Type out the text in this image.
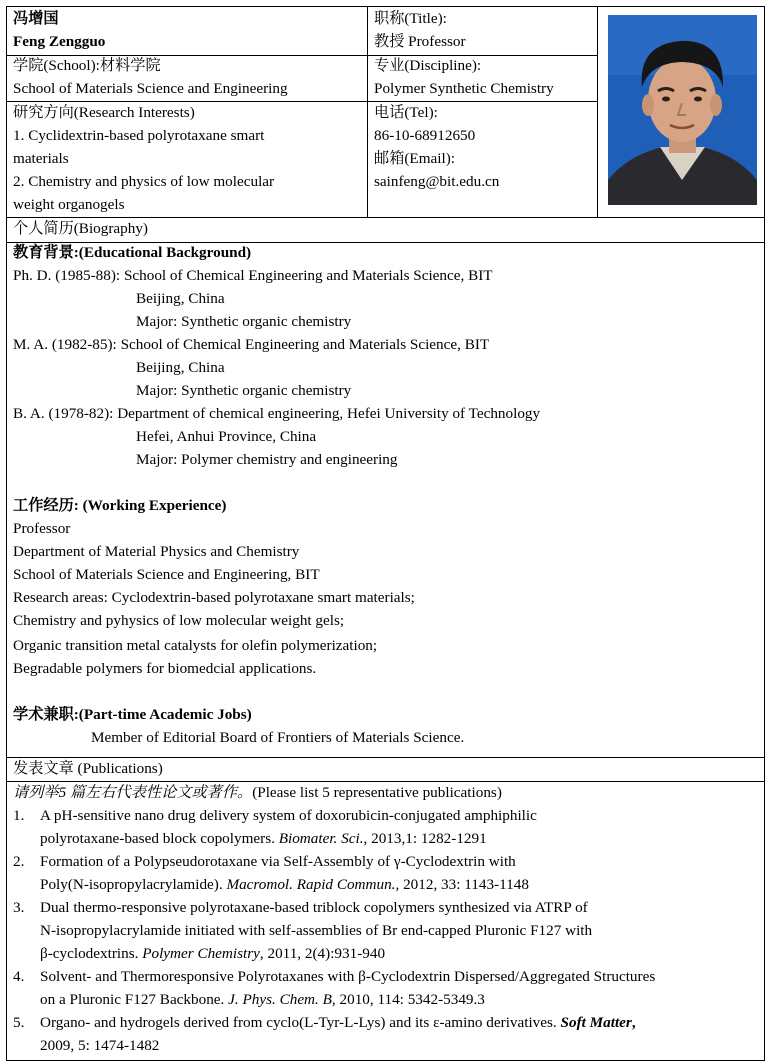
冯增国
Feng Zengguo
职称(Title):
教授 Professor
学院(School):材料学院
School of Materials Science and Engineering
专业(Discipline):
Polymer Synthetic Chemistry
研究方向(Research Interests)
1. Cyclidextrin-based polyrotaxane smart
materials
2. Chemistry and physics of low molecular
weight organogels
电话(Tel):
86-10-68912650
邮箱(Email):
sainfeng@bit.edu.cn
个人简历(Biography)
教育背景:(Educational Background)
Ph. D. (1985-88): School of Chemical Engineering and Materials Science, BIT
Beijing, China
Major: Synthetic organic chemistry
M. A. (1982-85): School of Chemical Engineering and Materials Science, BIT
Beijing, China
Major: Synthetic organic chemistry
B. A. (1978-82): Department of chemical engineering, Hefei University of Technology
Hefei, Anhui Province, China
Major: Polymer chemistry and engineering

工作经历: (Working Experience)
Professor
Department of Material Physics and Chemistry
School of Materials Science and Engineering, BIT
Research areas: Cyclodextrin-based polyrotaxane smart materials;
Chemistry and pyhysics of low molecular weight gels;
Organic transition metal catalysts for olefin polymerization;
Begradable polymers for biomedcial applications.

学术兼职:(Part-time Academic Jobs)
Member of Editorial Board of Frontiers of Materials Science.
发表文章 (Publications)
请列举5 篇左右代表性论文或著作。(Please list 5 representative publications)
1.	A pH-sensitive nano drug delivery system of doxorubicin-conjugated amphiphilic
polyrotaxane-based block copolymers. Biomater. Sci., 2013,1: 1282-1291
2.	Formation of a Polypseudorotaxane via Self-Assembly of γ-Cyclodextrin with
Poly(N-isopropylacrylamide). Macromol. Rapid Commun., 2012, 33: 1143-1148
3.	Dual thermo-responsive polyrotaxane-based triblock copolymers synthesized via ATRP of
N-isopropylacrylamide initiated with self-assemblies of Br end-capped Pluronic F127 with
β-cyclodextrins. Polymer Chemistry, 2011, 2(4):931-940
4.	Solvent- and Thermoresponsive Polyrotaxanes with β-Cyclodextrin Dispersed/Aggregated Structures
on a Pluronic F127 Backbone. J. Phys. Chem. B, 2010, 114: 5342-5349.3
5.	Organo- and hydrogels derived from cyclo(L-Tyr-L-Lys) and its ε-amino derivatives. Soft Matter,
2009, 5: 1474-1482
